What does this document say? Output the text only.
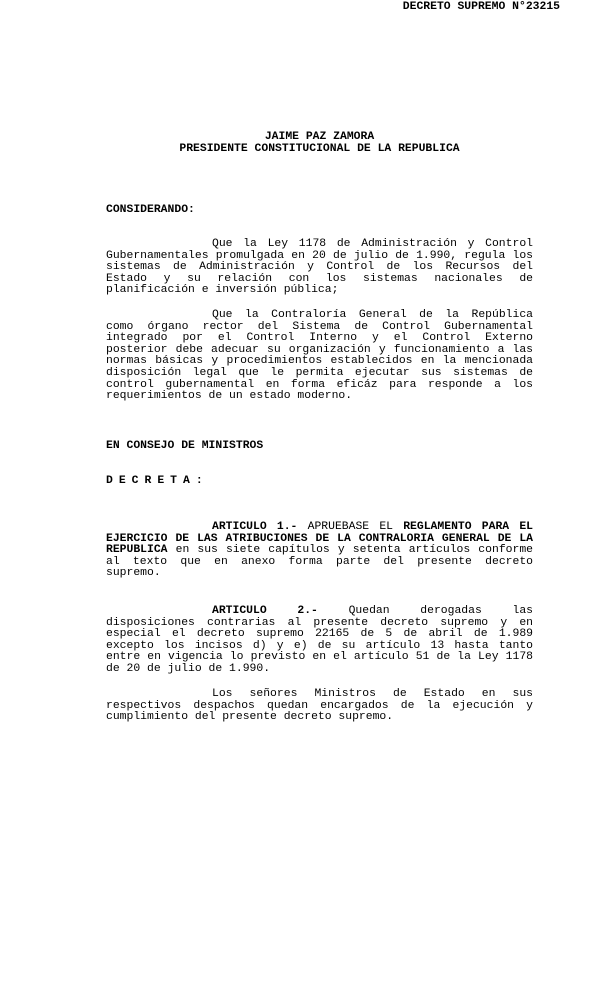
DECRETO SUPREMO N°23215
JAIME PAZ ZAMORA
PRESIDENTE CONSTITUCIONAL DE LA REPUBLICA
CONSIDERANDO:
Que la Ley 1178 de Administración y Control Gubernamentales promulgada en 20 de julio de 1.990, regula los sistemas de Administración y Control de los Recursos del Estado y su relación con los sistemas nacionales de planificación e inversión pública;
Que la Contraloría General de la República como órgano rector del Sistema de Control Gubernamental integrado por el Control Interno y el Control Externo posterior debe adecuar su organización y funcionamiento a las normas básicas y procedimientos establecidos en la mencionada disposición legal que le permita ejecutar sus sistemas de control gubernamental en forma eficáz para responde a los requerimientos de un estado moderno.
EN CONSEJO DE MINISTROS
DECRETA:
ARTICULO 1.- APRUEBASE EL REGLAMENTO PARA EL EJERCICIO DE LAS ATRIBUCIONES DE LA CONTRALORIA GENERAL DE LA REPUBLICA en sus siete capítulos y setenta artículos conforme al texto que en anexo forma parte del presente decreto supremo.
ARTICULO 2.- Quedan derogadas las disposiciones contrarias al presente decreto supremo y en especial el decreto supremo 22165 de 5 de abril de 1.989 excepto los incisos d) y e) de su artículo 13 hasta tanto entre en vigencia lo previsto en el artículo 51 de la Ley 1178 de 20 de julio de 1.990.
Los señores Ministros de Estado en sus respectivos despachos quedan encargados de la ejecución y cumplimiento del presente decreto supremo.
